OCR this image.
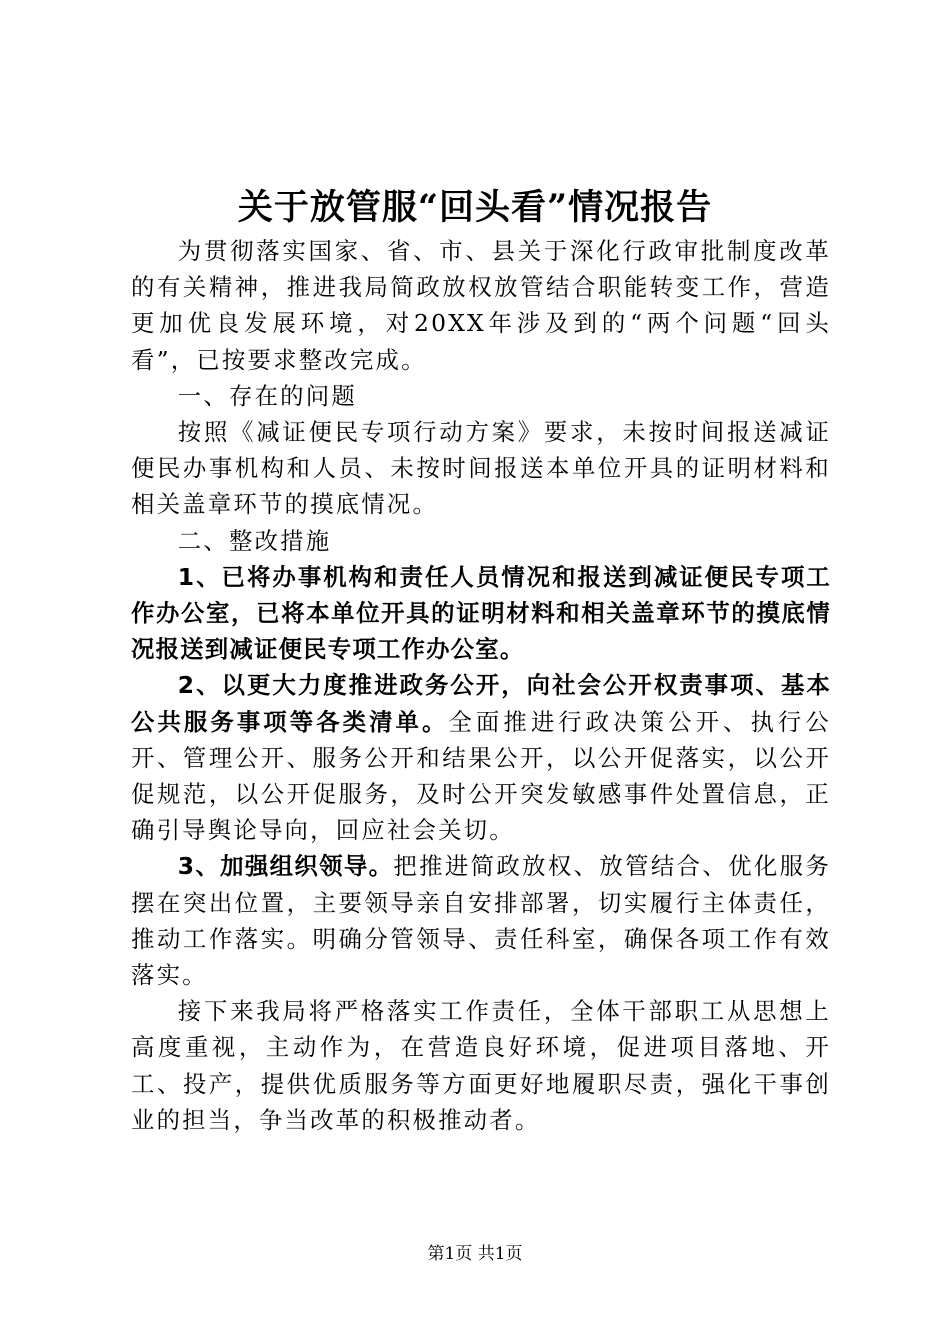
关于放管服“回头看”情况报告

为贯彻落实国家、省、市、县关于深化行政审批制度改革的有关精神，推进我局简政放权放管结合职能转变工作，营造更加优良发展环境，对20XX年涉及到的“两个问题“回头看”，已按要求整改完成。

一、存在的问题

按照《减证便民专项行动方案》要求，未按时间报送减证便民办事机构和人员、未按时间报送本单位开具的证明材料和相关盖章环节的摸底情况。

二、整改措施

1、已将办事机构和责任人员情况和报送到减证便民专项工作办公室，已将本单位开具的证明材料和相关盖章环节的摸底情况报送到减证便民专项工作办公室。

2、以更大力度推进政务公开，向社会公开权责事项、基本公共服务事项等各类清单。全面推进行政决策公开、执行公开、管理公开、服务公开和结果公开，以公开促落实，以公开促规范，以公开促服务，及时公开突发敏感事件处置信息，正确引导舆论导向，回应社会关切。

3、加强组织领导。把推进简政放权、放管结合、优化服务摆在突出位置，主要领导亲自安排部署，切实履行主体责任，推动工作落实。明确分管领导、责任科室，确保各项工作有效落实。

接下来我局将严格落实工作责任，全体干部职工从思想上高度重视，主动作为，在营造良好环境，促进项目落地、开工、投产，提供优质服务等方面更好地履职尽责，强化干事创业的担当，争当改革的积极推动者。

第1页 共1页
